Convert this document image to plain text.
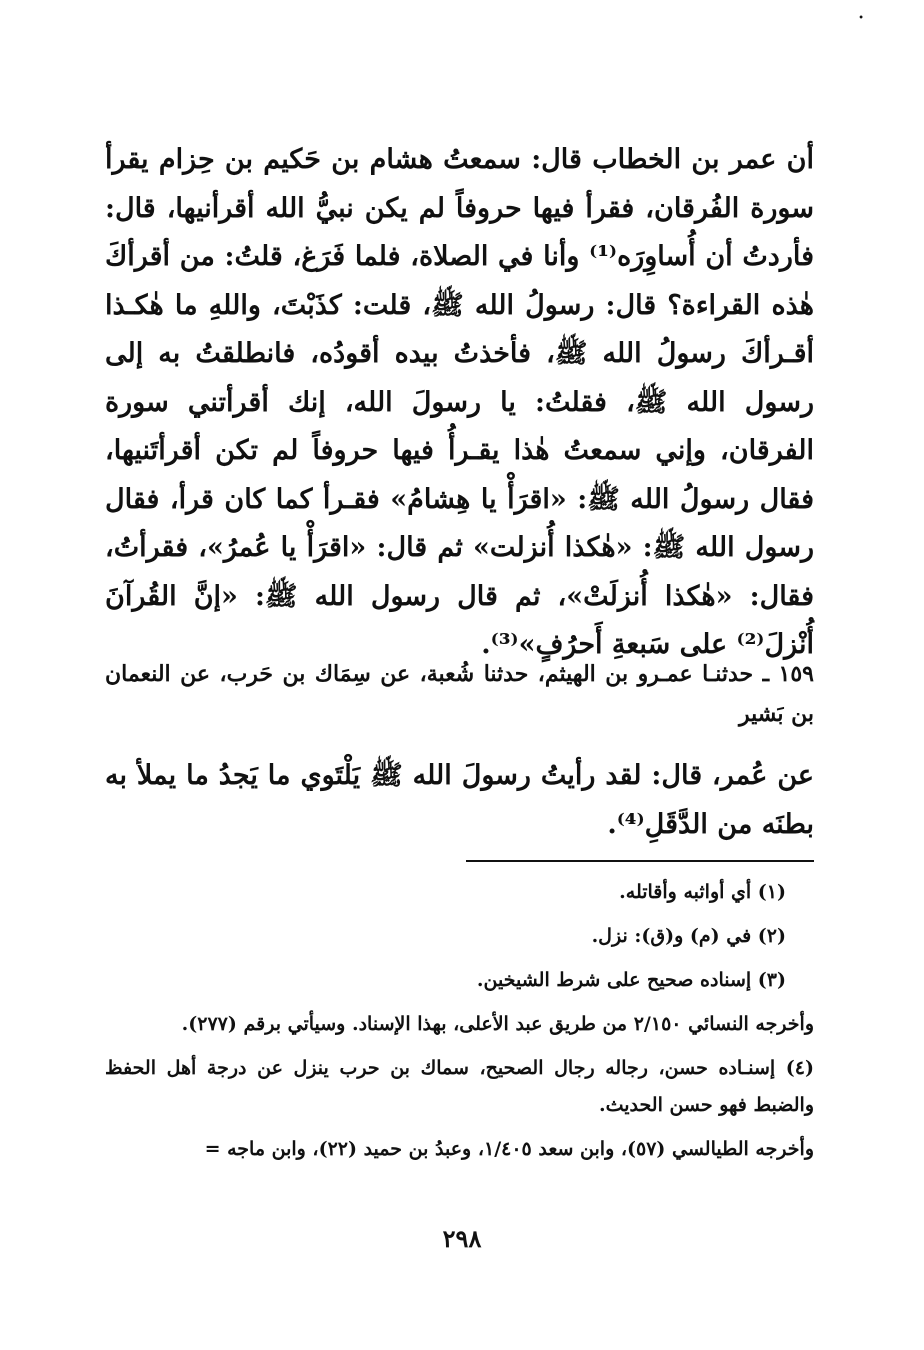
•
أن عمر بن الخطاب قال: سمعتُ هشام بن حَكيم بن حِزام يقرأ سورة الفُرقان، فقرأ فيها حروفاً لم يكن نبيُّ الله أقرأنيها، قال: فأردتُ أن أُساوِرَه⁽¹⁾ وأنا في الصلاة، فلما فَرَغ، قلتُ: من أقرأكَ هٰذه القراءة؟ قال: رسولُ الله ﷺ، قلت: كذَبْتَ، واللهِ ما هٰكـذا أقـرأكَ رسولُ الله ﷺ، فأخذتُ بيده أقودُه، فانطلقتُ به إلى رسول الله ﷺ، فقلتُ: يا رسولَ الله، إنك أقرأتني سورة الفرقان، وإني سمعتُ هٰذا يقـرأُ فيها حروفاً لم تكن أقرأتَنيها، فقال رسولُ الله ﷺ: «اقرَأْ يا هِشامُ» فقـرأ كما كان قرأ، فقال رسول الله ﷺ: «هٰكذا أُنزلت» ثم قال: «اقرَأْ يا عُمرُ»، فقرأتُ، فقال: «هٰكذا أُنزلَتْ»، ثم قال رسول الله ﷺ: «إنَّ القُرآنَ أُنْزلَ⁽²⁾ على سَبعةِ أَحرُفٍ»⁽³⁾.
١٥٩ ـ حدثنـا عمـرو بن الهيثم، حدثنا شُعبة، عن سِمَاك بن حَرب، عن النعمان بن بَشير
عن عُمر، قال: لقد رأيتُ رسولَ الله ﷺ يَلْتَوي ما يَجدُ ما يملأ به بطنَه من الدَّقَلِ⁽⁴⁾.

(١) أي أواثبه وأقاتله.

(٢) في (م) و(ق): نزل.

(٣) إسناده صحيح على شرط الشيخين.

وأخرجه النسائي ٢/١٥٠ من طريق عبد الأعلى، بهذا الإسناد. وسيأتي برقم (٢٧٧).

(٤) إسنـاده حسن، رجاله رجال الصحيح، سماك بن حرب ينزل عن درجة أهل الحفظ والضبط فهو حسن الحديث.

وأخرجه الطيالسي (٥٧)، وابن سعد ١/٤٠٥، وعبدُ بن حميد (٢٢)، وابن ماجه =

٢٩٨
